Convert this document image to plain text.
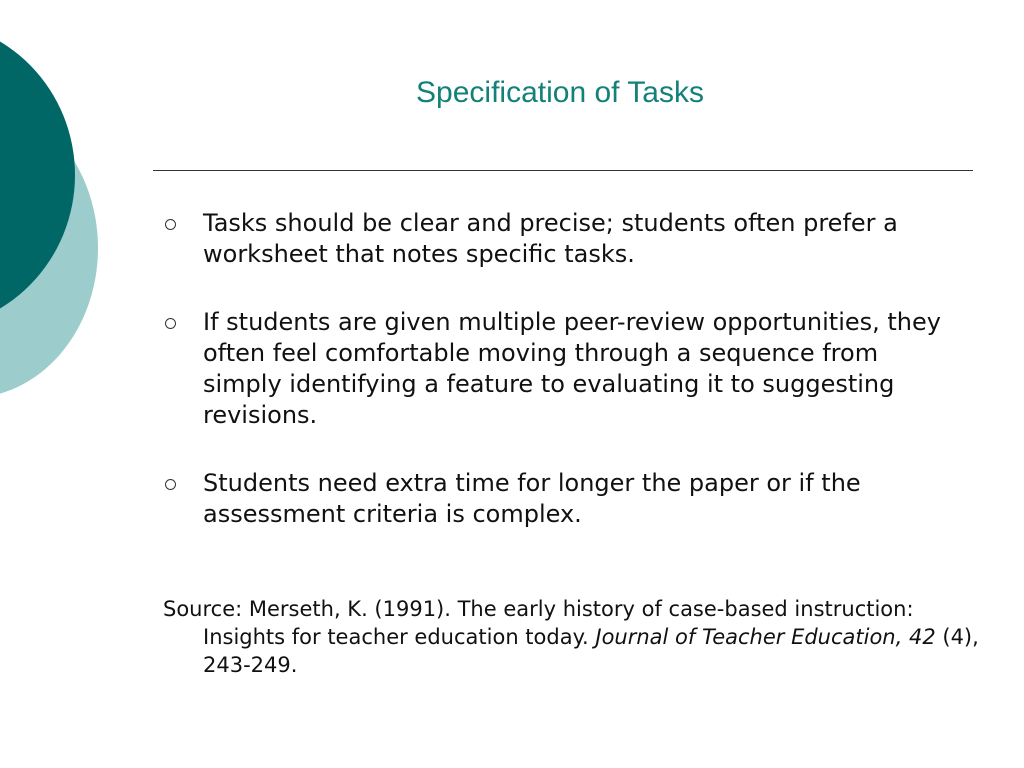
Specification of Tasks
Tasks should be clear and precise; students often prefer a worksheet that notes specific tasks.
If students are given multiple peer-review opportunities, they often feel comfortable moving through a sequence from simply identifying a feature to evaluating it to suggesting revisions.
Students need extra time for longer the paper or if the assessment criteria is complex.

Source: Merseth, K. (1991). The early history of case-based instruction: Insights for teacher education today. Journal of Teacher Education, 42 (4), 243-249.
